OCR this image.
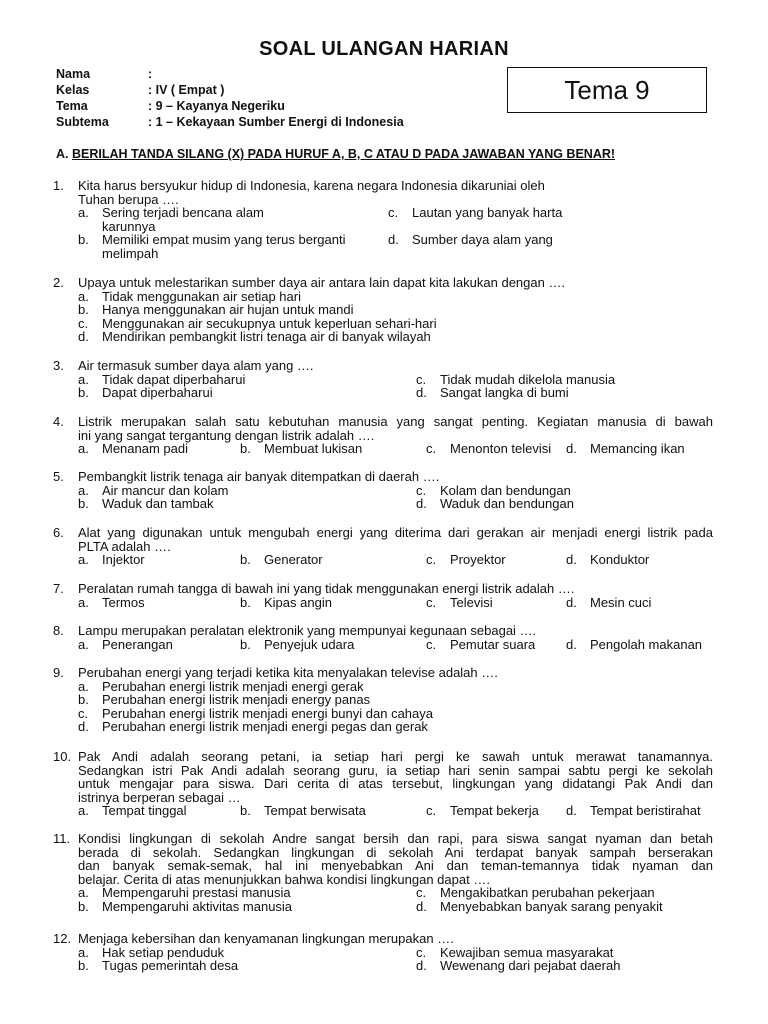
SOAL ULANGAN HARIAN
Nama	:
Kelas	: IV ( Empat )
Tema	: 9 – Kayanya Negeriku
Subtema	: 1 – Kekayaan Sumber Energi di Indonesia
Tema 9
A. BERILAH TANDA SILANG (X) PADA HURUF A, B, C ATAU D PADA JAWABAN YANG BENAR!
1.	Kita harus bersyukur hidup di Indonesia, karena negara Indonesia dikaruniai oleh
Tuhan berupa ….
a.	Sering terjadi bencana alam	c.	Lautan yang banyak harta
karunnya
b.	Memiliki empat musim yang terus berganti	d.	Sumber daya alam yang
melimpah
2.	Upaya untuk melestarikan sumber daya air antara lain dapat kita lakukan dengan ….
a.	Tidak menggunakan air setiap hari
b.	Hanya menggunakan air hujan untuk mandi
c.	Menggunakan air secukupnya untuk keperluan sehari-hari
d.	Mendirikan pembangkit listri tenaga air di banyak wilayah
3.	Air termasuk sumber daya alam yang ….
a.	Tidak dapat diperbaharui	c.	Tidak mudah dikelola manusia
b.	Dapat diperbaharui	d.	Sangat langka di bumi
4.	Listrik merupakan salah satu kebutuhan manusia yang sangat penting. Kegiatan manusia di bawah
ini yang sangat tergantung dengan listrik adalah ….
a.	Menanam padi	b.	Membuat lukisan	c.	Menonton televisi d.	Memancing ikan
5.	Pembangkit listrik tenaga air banyak ditempatkan di daerah ….
a.	Air mancur dan kolam	c.	Kolam dan bendungan
b.	Waduk dan tambak	d.	Waduk dan bendungan
6.	Alat yang digunakan untuk mengubah energi yang diterima dari gerakan air menjadi energi listrik pada
PLTA adalah ….
a.	Injektor	b.	Generator	c.	Proyektor	d.	Konduktor
7.	Peralatan rumah tangga di bawah ini yang tidak menggunakan energi listrik adalah ….
a.	Termos	b.	Kipas angin	c.	Televisi	d.	Mesin cuci
8.	Lampu merupakan peralatan elektronik yang mempunyai kegunaan sebagai ….
a.	Penerangan	b.	Penyejuk udara	c.	Pemutar suara d.	Pengolah makanan
9.	Perubahan energi yang terjadi ketika kita menyalakan televise adalah ….
a.	Perubahan energi listrik menjadi energi gerak
b.	Perubahan energi listrik menjadi energy panas
c.	Perubahan energi listrik menjadi energi bunyi dan cahaya
d.	Perubahan energi listrik menjadi energi pegas dan gerak
10. Pak Andi adalah seorang petani, ia setiap hari pergi ke sawah untuk merawat tanamannya.
Sedangkan istri Pak Andi adalah seorang guru, ia setiap hari senin sampai sabtu pergi ke sekolah
untuk mengajar para siswa. Dari cerita di atas tersebut, lingkungan yang didatangi Pak Andi dan
istrinya berperan sebagai …
a.	Tempat tinggal	b.	Tempat berwisata	c.	Tempat bekerja d.	Tempat beristirahat
11. Kondisi lingkungan di sekolah Andre sangat bersih dan rapi, para siswa sangat nyaman dan betah
berada di sekolah. Sedangkan lingkungan di sekolah Ani terdapat banyak sampah berserakan
dan banyak semak-semak, hal ini menyebabkan Ani dan teman-temannya tidak nyaman dan
belajar. Cerita di atas menunjukkan bahwa kondisi lingkungan dapat ….
a.	Mempengaruhi prestasi manusia	c.	Mengakibatkan perubahan pekerjaan
b.	Mempengaruhi aktivitas manusia	d.	Menyebabkan banyak sarang penyakit
12. Menjaga kebersihan dan kenyamanan lingkungan merupakan ….
a.	Hak setiap penduduk	c.	Kewajiban semua masyarakat
b.	Tugas pemerintah desa	d.	Wewenang dari pejabat daerah
